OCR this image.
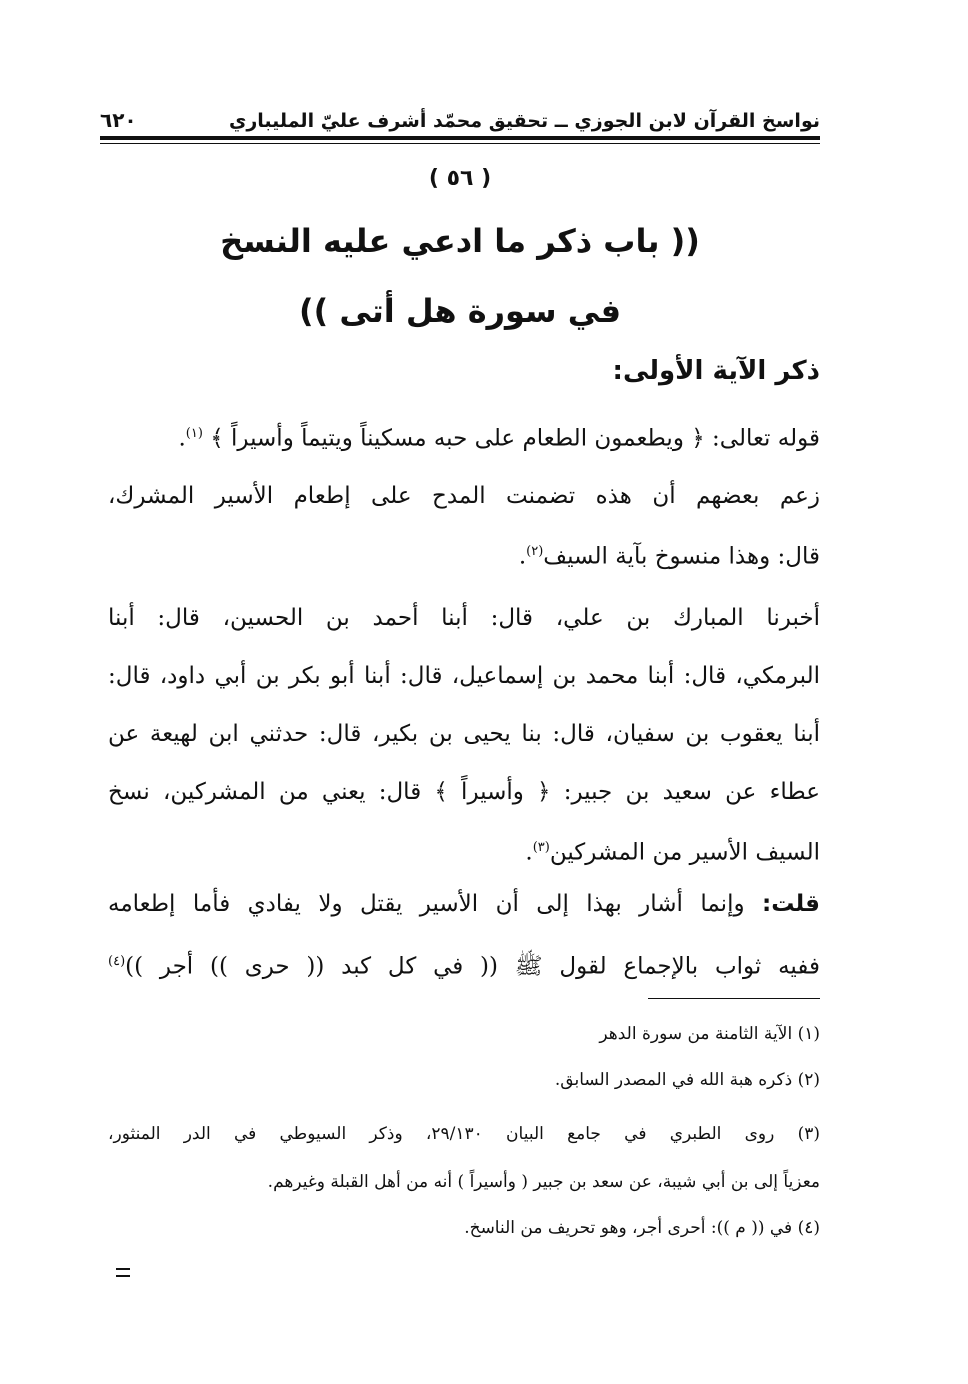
نواسخ القرآن لابن الجوزي ــ تحقيق محمّد أشرف عليّ المليباري
٦٢٠
( ٥٦ )
(( باب ذكر ما ادعي عليه النسخ
في سورة هل أتى ))
ذكر الآية الأولى:
قوله تعالى: ﴿ ويطعمون الطعام على حبه مسكيناً ويتيماً وأسيراً ﴾ $^{(١)}$.
زعم بعضهم أن هذه تضمنت المدح على إطعام الأسير المشرك،
قال: وهذا منسوخ بآية السيف$^{(٢)}$.
أخبرنا المبارك بن علي، قال: أبنا أحمد بن الحسين، قال: أبنا
البرمكي، قال: أبنا محمد بن إسماعيل، قال: أبنا أبو بكر بن أبي داود، قال:
أبنا يعقوب بن سفيان، قال: بنا يحيى بن بكير، قال: حدثني ابن لهيعة عن
عطاء عن سعيد بن جبير: ﴿ وأسيراً ﴾ قال: يعني من المشركين، نسخ
السيف الأسير من المشركين$^{(٣)}$.
قلت: وإنما أشار بهذا إلى أن الأسير يقتل ولا يفادي فأما إطعامه
ففيه ثواب بالإجماع لقول ﷺ (( في كل كبد (( حرى )) أجر ))$^{(٤)}$
(١) الآية الثامنة من سورة الدهر
(٢) ذكره هبة الله في المصدر السابق.
(٣) روى الطبري في جامع البيان ٢٩/١٣٠، وذكر السيوطي في الدر المنثور،
معزياً إلى بن أبي شيبة، عن سعد بن جبير ( وأسيراً ) أنه من أهل القبلة وغيرهم.
(٤) في (( م )): أحرى أجر، وهو تحريف من الناسخ.
